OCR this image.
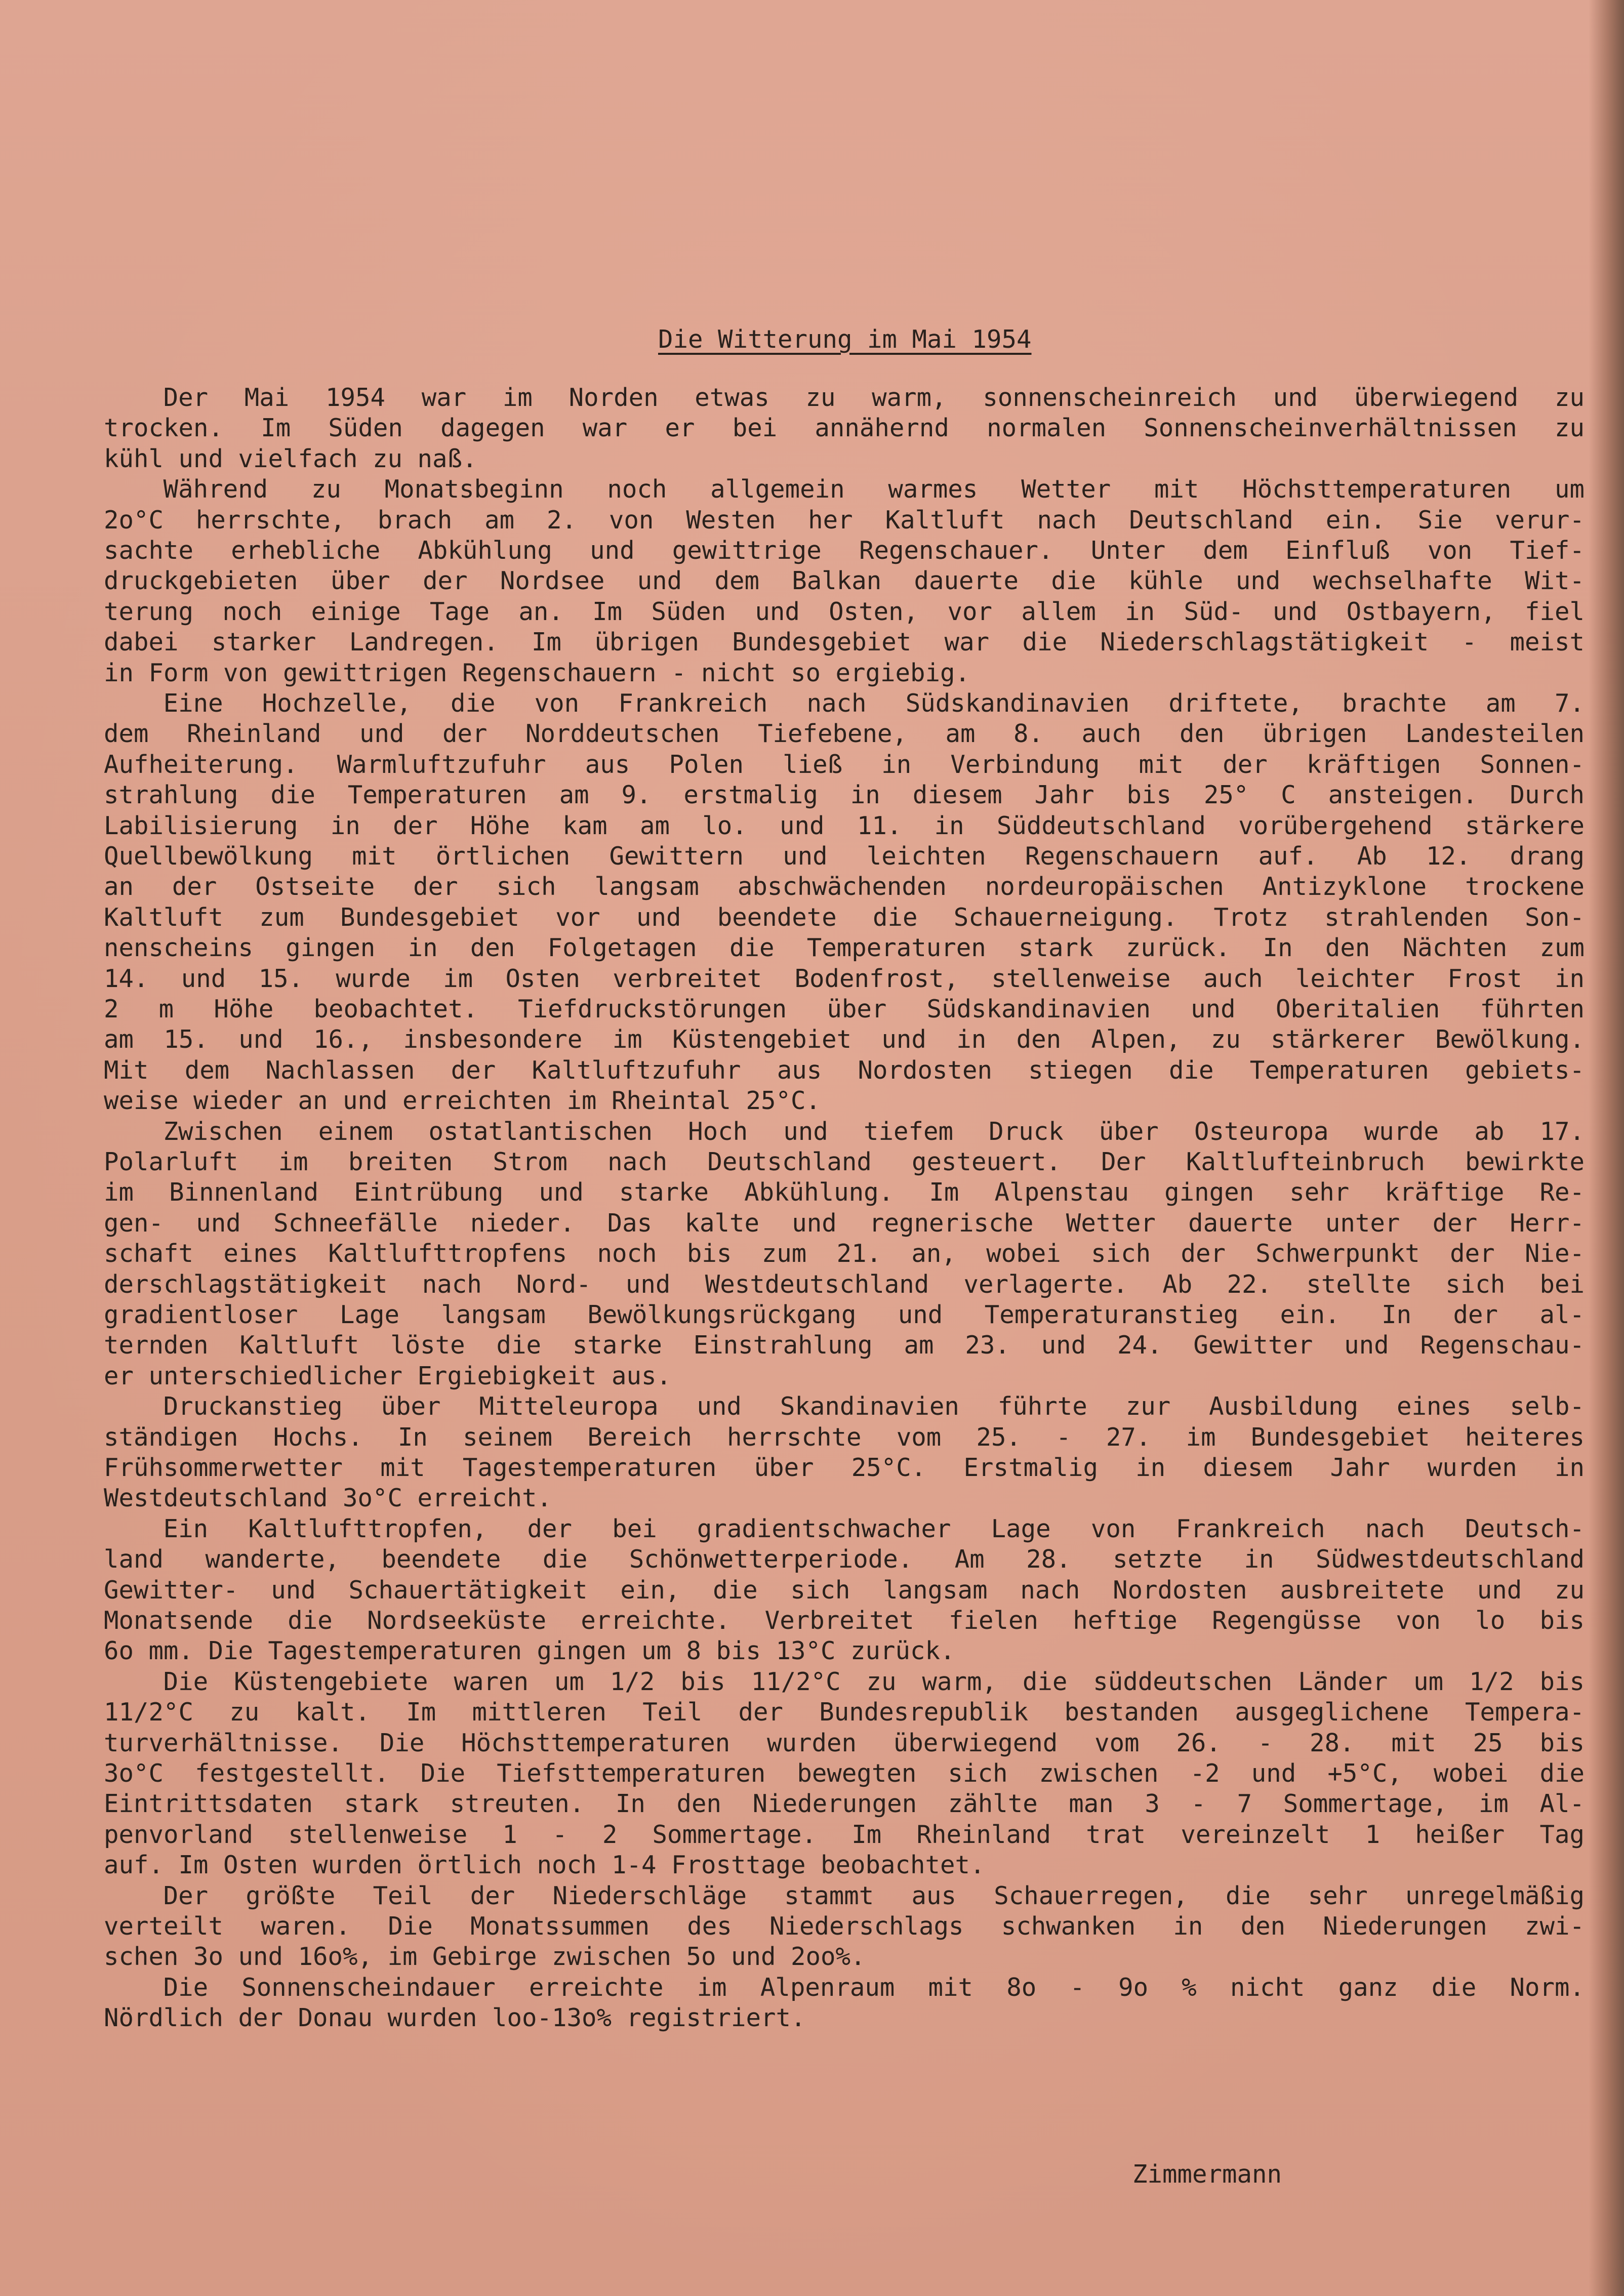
Die Witterung im Mai 1954
Der Mai 1954 war im Norden etwas zu warm, sonnenscheinreich und überwiegend zu
trocken. Im Süden dagegen war er bei annähernd normalen Sonnenscheinverhältnissen zu
kühl und vielfach zu naß.
Während zu Monatsbeginn noch allgemein warmes Wetter mit Höchsttemperaturen um
2o°C herrschte, brach am 2. von Westen her Kaltluft nach Deutschland ein. Sie verur-
sachte erhebliche Abkühlung und gewittrige Regenschauer. Unter dem Einfluß von Tief-
druckgebieten über der Nordsee und dem Balkan dauerte die kühle und wechselhafte Wit-
terung noch einige Tage an. Im Süden und Osten, vor allem in Süd- und Ostbayern, fiel
dabei starker Landregen. Im übrigen Bundesgebiet war die Niederschlagstätigkeit - meist
in Form von gewittrigen Regenschauern - nicht so ergiebig.
Eine Hochzelle, die von Frankreich nach Südskandinavien driftete, brachte am 7.
dem Rheinland und der Norddeutschen Tiefebene, am 8. auch den übrigen Landesteilen
Aufheiterung. Warmluftzufuhr aus Polen ließ in Verbindung mit der kräftigen Sonnen-
strahlung die Temperaturen am 9. erstmalig in diesem Jahr bis 25° C ansteigen. Durch
Labilisierung in der Höhe kam am lo. und 11. in Süddeutschland vorübergehend stärkere
Quellbewölkung mit örtlichen Gewittern und leichten Regenschauern auf. Ab 12. drang
an der Ostseite der sich langsam abschwächenden nordeuropäischen Antizyklone trockene
Kaltluft zum Bundesgebiet vor und beendete die Schauerneigung. Trotz strahlenden Son-
nenscheins gingen in den Folgetagen die Temperaturen stark zurück. In den Nächten zum
14. und 15. wurde im Osten verbreitet Bodenfrost, stellenweise auch leichter Frost in
2 m Höhe beobachtet. Tiefdruckstörungen über Südskandinavien und Oberitalien führten
am 15. und 16., insbesondere im Küstengebiet und in den Alpen, zu stärkerer Bewölkung.
Mit dem Nachlassen der Kaltluftzufuhr aus Nordosten stiegen die Temperaturen gebiets-
weise wieder an und erreichten im Rheintal 25°C.
Zwischen einem ostatlantischen Hoch und tiefem Druck über Osteuropa wurde ab 17.
Polarluft im breiten Strom nach Deutschland gesteuert. Der Kaltlufteinbruch bewirkte
im Binnenland Eintrübung und starke Abkühlung. Im Alpenstau gingen sehr kräftige Re-
gen- und Schneefälle nieder. Das kalte und regnerische Wetter dauerte unter der Herr-
schaft eines Kaltlufttropfens noch bis zum 21. an, wobei sich der Schwerpunkt der Nie-
derschlagstätigkeit nach Nord- und Westdeutschland verlagerte. Ab 22. stellte sich bei
gradientloser Lage langsam Bewölkungsrückgang und Temperaturanstieg ein. In der al-
ternden Kaltluft löste die starke Einstrahlung am 23. und 24. Gewitter und Regenschau-
er unterschiedlicher Ergiebigkeit aus.
Druckanstieg über Mitteleuropa und Skandinavien führte zur Ausbildung eines selb-
ständigen Hochs. In seinem Bereich herrschte vom 25. - 27. im Bundesgebiet heiteres
Frühsommerwetter mit Tagestemperaturen über 25°C. Erstmalig in diesem Jahr wurden in
Westdeutschland 3o°C erreicht.
Ein Kaltlufttropfen, der bei gradientschwacher Lage von Frankreich nach Deutsch-
land wanderte, beendete die Schönwetterperiode. Am 28. setzte in Südwestdeutschland
Gewitter- und Schauertätigkeit ein, die sich langsam nach Nordosten ausbreitete und zu
Monatsende die Nordseeküste erreichte. Verbreitet fielen heftige Regengüsse von lo bis
6o mm. Die Tagestemperaturen gingen um 8 bis 13°C zurück.
Die Küstengebiete waren um 1/2 bis 11/2°C zu warm, die süddeutschen Länder um 1/2 bis
11/2°C zu kalt. Im mittleren Teil der Bundesrepublik bestanden ausgeglichene Tempera-
turverhältnisse. Die Höchsttemperaturen wurden überwiegend vom 26. - 28. mit 25 bis
3o°C festgestellt. Die Tiefsttemperaturen bewegten sich zwischen -2 und +5°C, wobei die
Eintrittsdaten stark streuten. In den Niederungen zählte man 3 - 7 Sommertage, im Al-
penvorland stellenweise 1 - 2 Sommertage. Im Rheinland trat vereinzelt 1 heißer Tag
auf. Im Osten wurden örtlich noch 1-4 Frosttage beobachtet.
Der größte Teil der Niederschläge stammt aus Schauerregen, die sehr unregelmäßig
verteilt waren. Die Monatssummen des Niederschlags schwanken in den Niederungen zwi-
schen 3o und 16o%, im Gebirge zwischen 5o und 2oo%.
Die Sonnenscheindauer erreichte im Alpenraum mit 8o - 9o % nicht ganz die Norm.
Nördlich der Donau wurden loo-13o% registriert.
Zimmermann
